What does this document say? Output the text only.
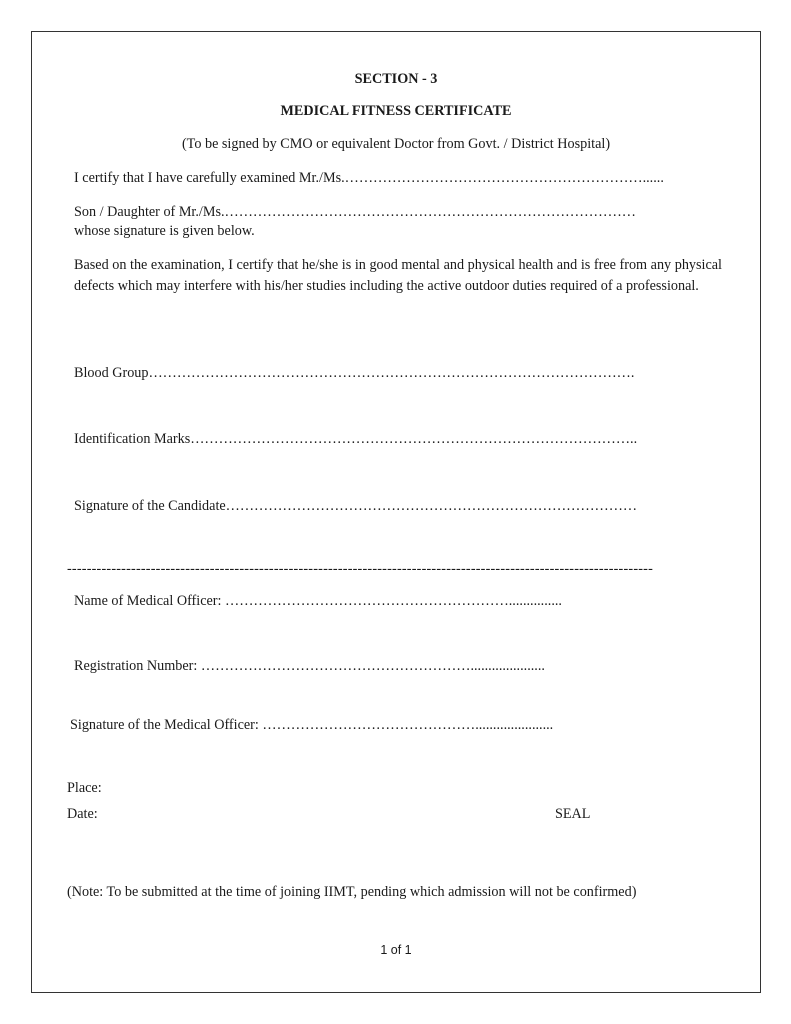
SECTION - 3
MEDICAL FITNESS CERTIFICATE
(To be signed by CMO or equivalent Doctor from Govt. / District Hospital)
I certify that I have carefully examined Mr./Ms.………………………………………………………......
Son / Daughter of Mr./Ms.……………………………………………………………………………
whose signature is given below.
Based on the examination, I certify that he/she is in good mental and physical health and is free from any physical defects which may interfere with his/her studies including the active outdoor duties required of a professional.
Blood Group………………………………………………………………………………………….
Identification Marks…………………………………………………………………………………..
Signature of the Candidate……………………………………………………………………………
-----------------------------------------------------------------------------------------------------------------------
Name of Medical Officer: ……………………………………………………...............
Registration Number: ………………………………………………….....................
Signature of the Medical Officer: ………………………………………......................
Place:
Date:	SEAL
(Note: To be submitted at the time of joining IIMT, pending which admission will not be confirmed)
1 of 1
